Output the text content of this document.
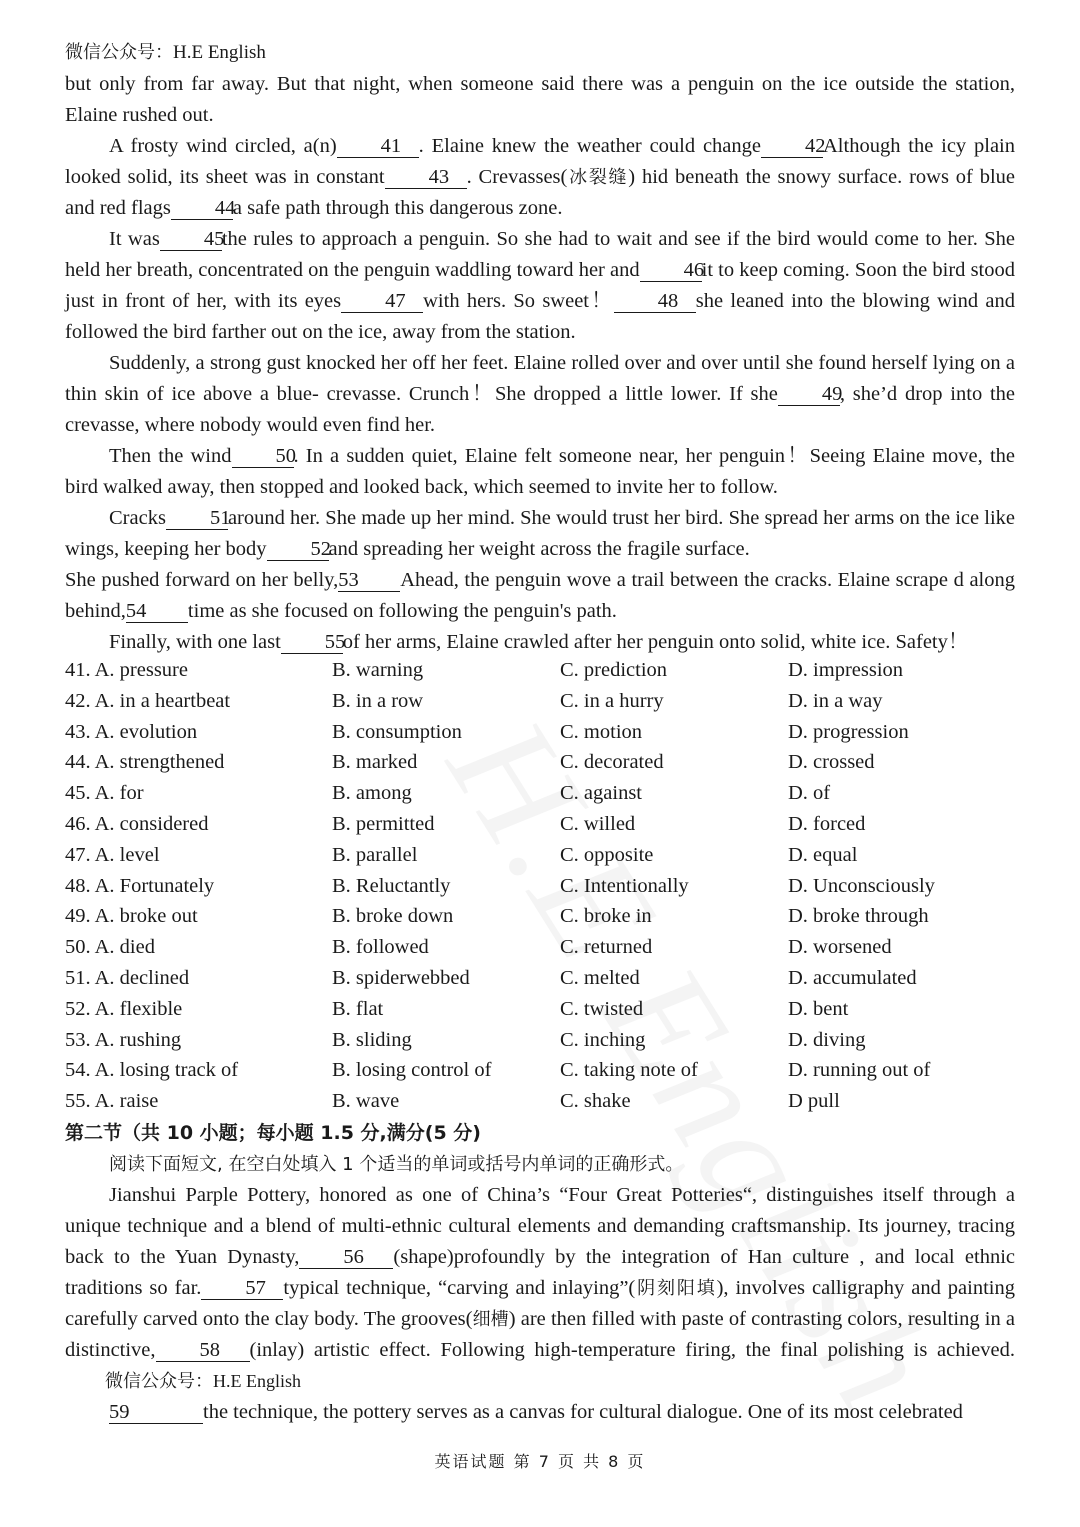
微信公众号：H.E English

but only from far away. But that night, when someone said there was a penguin on the ice outside the station, Elaine rushed out.

A frosty wind circled, a(n) 41 . Elaine knew the weather could change 42Although the icy plain looked solid, its sheet was in constant 43 . Crevasses(冰裂缝) hid beneath the snowy surface. rows of blue and red flags 44a safe path through this dangerous zone.

It was 45the rules to approach a penguin. So she had to wait and see if the bird would come to her. She held her breath, concentrated on the penguin waddling toward her and 46it to keep coming. Soon the bird stood just in front of her, with its eyes 47 with hers. So sweet！ 48 she leaned into the blowing wind and followed the bird farther out on the ice, away from the station.

Suddenly, a strong gust knocked her off her feet. Elaine rolled over and over until she found herself lying on a thin skin of ice above a blue- crevasse. Crunch！She dropped a little lower. If she 49, she’d drop into the crevasse, where nobody would even find her.

Then the wind 50. In a sudden quiet, Elaine felt someone near, her penguin！Seeing Elaine move, the bird walked away, then stopped and looked back, which seemed to invite her to follow.

Cracks 51around her. She made up her mind. She would trust her bird. She spread her arms on the ice like wings, keeping her body 52and spreading her weight across the fragile surface.

She pushed forward on her belly,53 Ahead, the penguin wove a trail between the cracks. Elaine scrape d along behind,54 time as she focused on following the penguin's path.

Finally, with one last 55of her arms, Elaine crawled after her penguin onto solid, white ice. Safety！

41. A. pressure	B. warning	C. prediction	D. impression
42. A. in a heartbeat	B. in a row	C. in a hurry	D. in a way
43. A. evolution	B. consumption	C. motion	D. progression
44. A. strengthened	B. marked	C. decorated	D. crossed
45. A. for	B. among	C. against	D. of
46. A. considered	B. permitted	C. willed	D. forced
47. A. level	B. parallel	C. opposite	D. equal
48. A. Fortunately	B. Reluctantly	C. Intentionally	D. Unconsciously
49. A. broke out	B. broke down	C. broke in	D. broke through
50. A. died	B. followed	C. returned	D. worsened
51. A. declined	B. spiderwebbed	C. melted	D. accumulated
52. A. flexible	B. flat	C. twisted	D. bent
53. A. rushing	B. sliding	C. inching	D. diving
54. A. losing track of	B. losing control of	C. taking note of	D. running out of
55. A. raise	B. wave	C. shake	D pull

第二节（共 10 小题；每小题 1.5 分,满分(5 分)

阅读下面短文, 在空白处填入 1 个适当的单词或括号内单词的正确形式。

Jianshui Parple Pottery, honored as one of China’s “Four Great Potteries“, distinguishes itself through a unique technique and a blend of multi-ethnic cultural elements and demanding craftsmanship. Its journey, tracing back to the Yuan Dynasty, 56 (shape)profoundly by the integration of Han culture , and local ethnic traditions so far. 57 typical technique, “carving and inlaying”(阴刻阳填), involves calligraphy and painting carefully carved onto the clay body. The grooves(细槽) are then filled with paste of contrasting colors, resulting in a distinctive, 58 (inlay) artistic effect. Following high-temperature firing, the final polishing is achieved.微信公众号：H.E English

59	the technique, the pottery serves as a canvas for cultural dialogue. One of its most celebrated

英语试题 第 7 页 共 8 页
